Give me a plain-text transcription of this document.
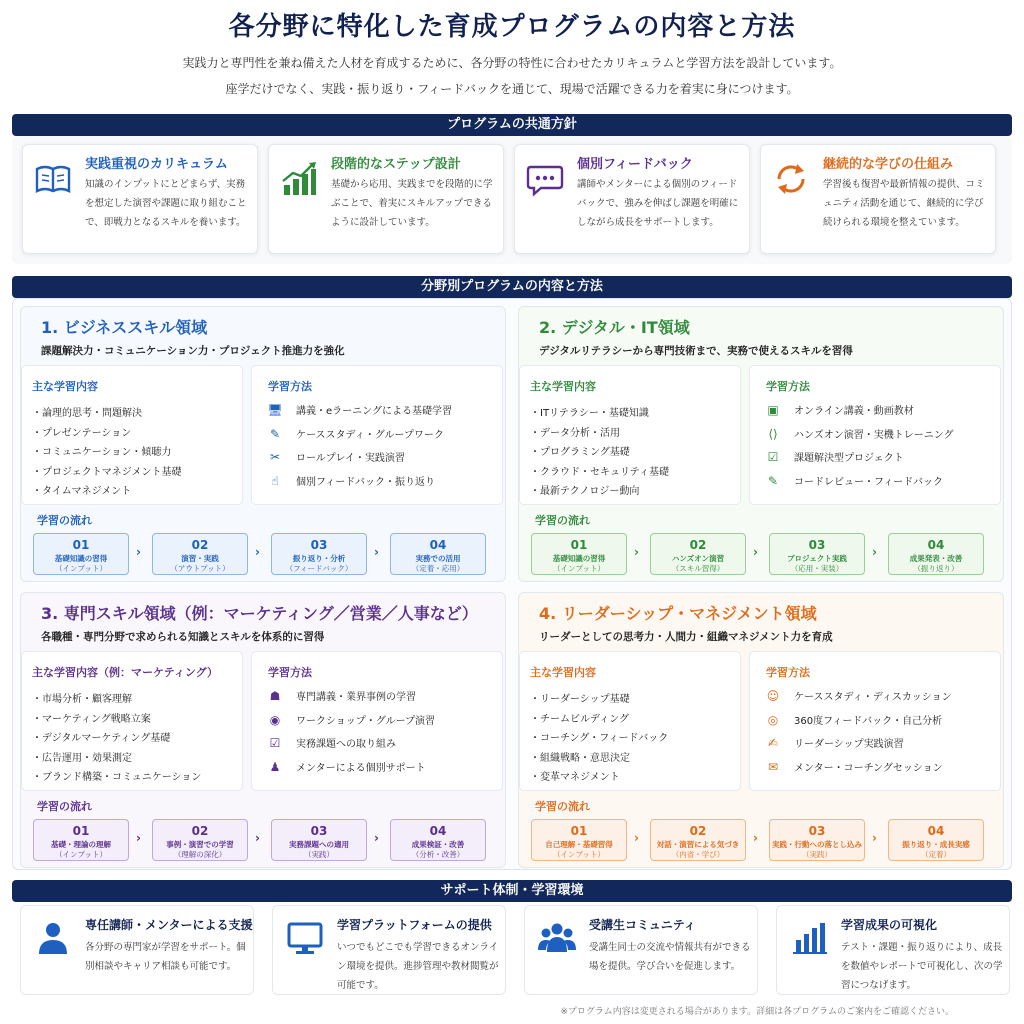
各分野に特化した育成プログラムの内容と方法
実践力と専門性を兼ね備えた人材を育成するために、各分野の特性に合わせたカリキュラムと学習方法を設計しています。
座学だけでなく、実践・振り返り・フィードバックを通じて、現場で活躍できる力を着実に身につけます。
プログラムの共通方針
実践重視のカリキュラム
知識のインプットにとどまらず、実務を想定した演習や課題に取り組むことで、即戦力となるスキルを養います。
段階的なステップ設計
基礎から応用、実践までを段階的に学ぶことで、着実にスキルアップできるように設計しています。
個別フィードバック
講師やメンターによる個別のフィードバックで、強みを伸ばし課題を明確にしながら成長をサポートします。
継続的な学びの仕組み
学習後も復習や最新情報の提供、コミュニティ活動を通じて、継続的に学び続けられる環境を整えています。
分野別プログラムの内容と方法
1. ビジネススキル領域
課題解決力・コミュニケーション力・プロジェクト推進力を強化
主な学習内容
・ 論理的思考・問題解決
・ プレゼンテーション
・ コミュニケーション・傾聴力
・ プロジェクトマネジメント基礎
・ タイムマネジメント
学習方法
🖥 講義・eラーニングによる基礎学習
✎ ケーススタディ・グループワーク
✂ ロールプレイ・実践演習
☝ 個別フィードバック・振り返り
学習の流れ
01
基礎知識の習得
（インプット）
›	02
演習・実践
（アウトプット）
›	03
振り返り・分析
（フィードバック）
›	04
実務での活用
（定着・応用）
2. デジタル・IT領域
デジタルリテラシーから専門技術まで、実務で使えるスキルを習得
主な学習内容
・ ITリテラシー・基礎知識
・ データ分析・活用
・ プログラミング基礎
・ クラウド・セキュリティ基礎
・ 最新テクノロジー動向
学習方法
▣ オンライン講義・動画教材
⟨⟩ ハンズオン演習・実機トレーニング
☑ 課題解決型プロジェクト
✎ コードレビュー・フィードバック
学習の流れ
01
基礎知識の習得
（インプット）
›	02
ハンズオン演習
（スキル習得）
›	03
プロジェクト実践
（応用・実装）
›	04
成果発表・改善
（振り返り）
3. 専門スキル領域（例：マーケティング／営業／人事など）
各職種・専門分野で求められる知識とスキルを体系的に習得
主な学習内容（例：マーケティング）
・ 市場分析・顧客理解
・ マーケティング戦略立案
・ デジタルマーケティング基礎
・ 広告運用・効果測定
・ ブランド構築・コミュニケーション
学習方法
☗ 専門講義・業界事例の学習
◉ ワークショップ・グループ演習
☑ 実務課題への取り組み
♟ メンターによる個別サポート
学習の流れ
01
基礎・理論の理解
（インプット）
›	02
事例・演習での学習
（理解の深化）
›	03
実務課題への適用
（実践）
›	04
成果検証・改善
（分析・改善）
4. リーダーシップ・マネジメント領域
リーダーとしての思考力・人間力・組織マネジメント力を育成
主な学習内容
・ リーダーシップ基礎
・ チームビルディング
・ コーチング・フィードバック
・ 組織戦略・意思決定
・ 変革マネジメント
学習方法
☺ ケーススタディ・ディスカッション
◎ 360度フィードバック・自己分析
✍ リーダーシップ実践演習
✉ メンター・コーチングセッション
学習の流れ
01
自己理解・基礎習得
（インプット）
›	02
対話・演習による気づき
（内省・学び）
›	03
実践・行動への落とし込み
（実践）
›	04
振り返り・成長実感
（定着）
サポート体制・学習環境
専任講師・メンターによる支援
各分野の専門家が学習をサポート。個別相談やキャリア相談も可能です。
学習プラットフォームの提供
いつでもどこでも学習できるオンライン環境を提供。進捗管理や教材閲覧が可能です。
受講生コミュニティ
受講生同士の交流や情報共有ができる場を提供。学び合いを促進します。
学習成果の可視化
テスト・課題・振り返りにより、成長を数値やレポートで可視化し、次の学習につなげます。
※プログラム内容は変更される場合があります。詳細は各プログラムのご案内をご確認ください。
